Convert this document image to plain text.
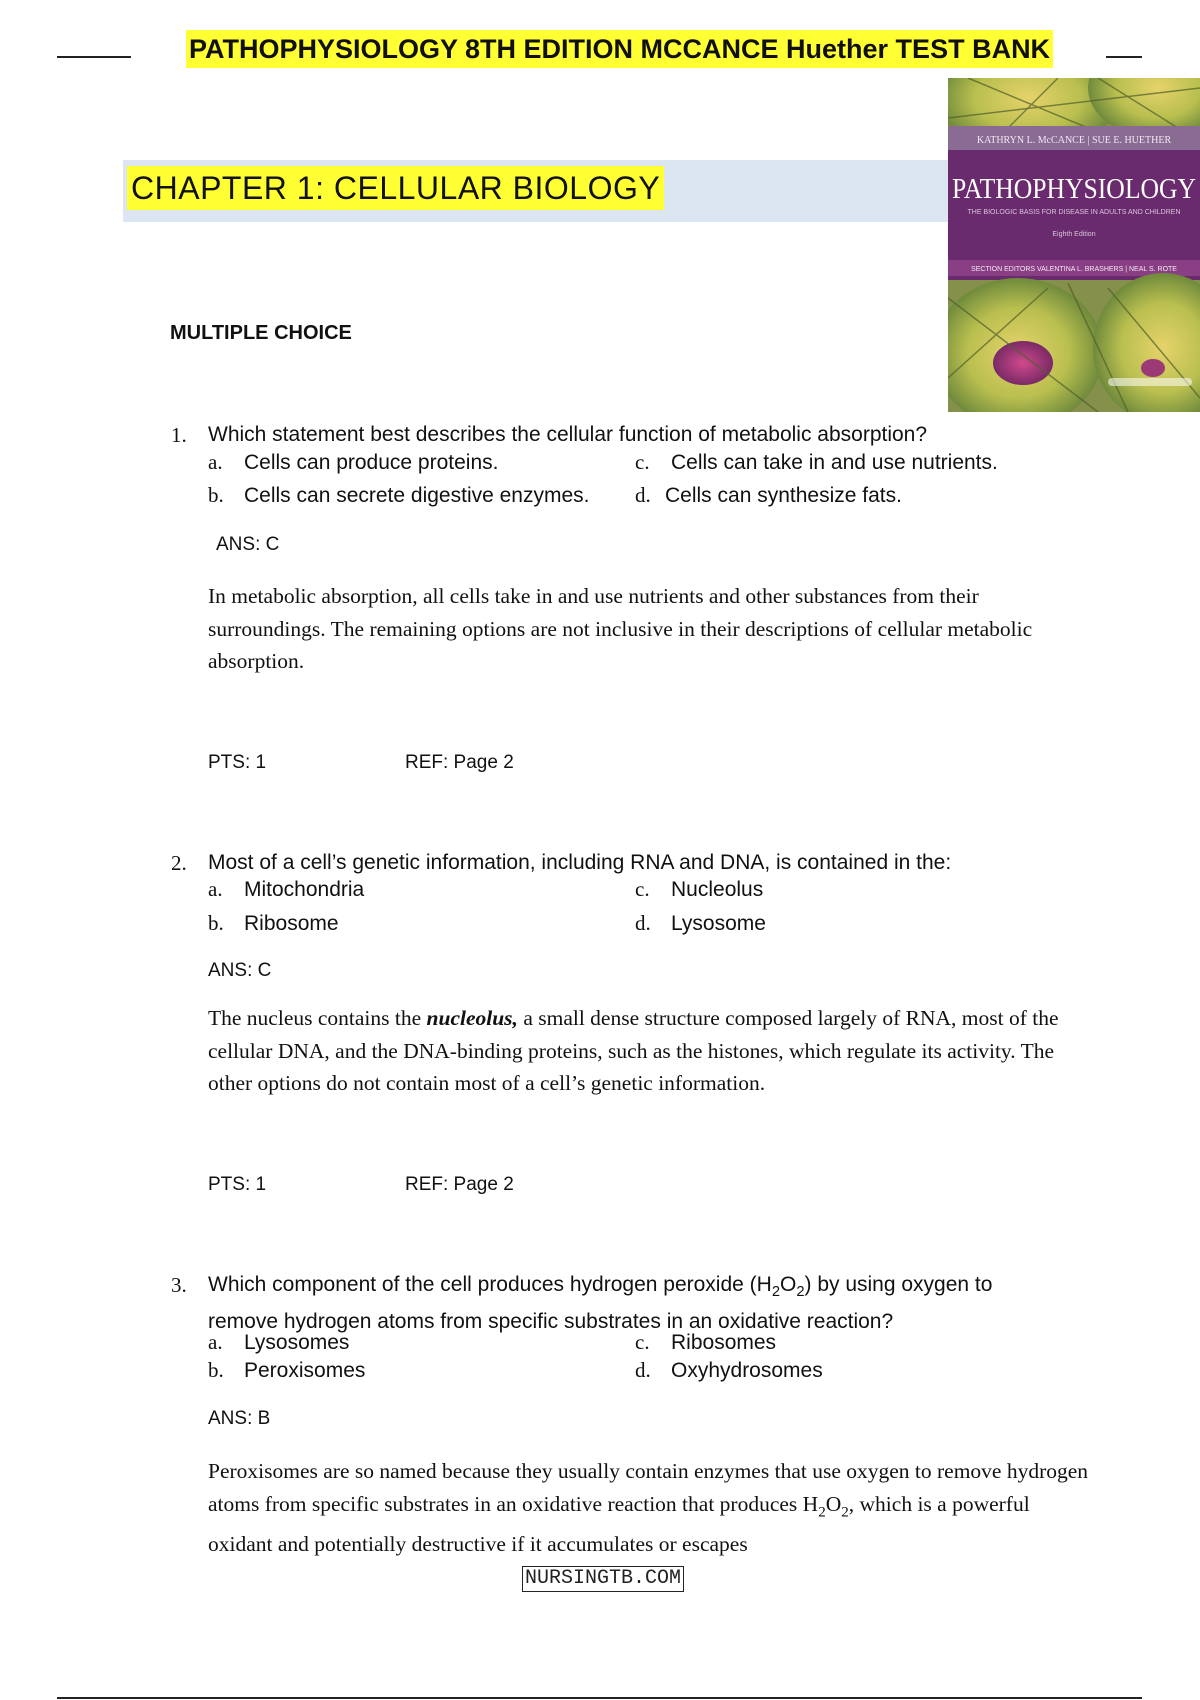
PATHOPHYSIOLOGY 8TH EDITION MCCANCE Huether TEST BANK
CHAPTER 1: CELLULAR BIOLOGY
KATHRYN L. McCANCE | SUE E. HUETHER
PATHOPHYSIOLOGY
THE BIOLOGIC BASIS FOR DISEASE IN ADULTS AND CHILDREN
Eighth Edition
SECTION EDITORS VALENTINA L. BRASHERS | NEAL S. ROTE
MULTIPLE CHOICE
1. Which statement best describes the cellular function of metabolic absorption?
a. Cells can produce proteins.
b. Cells can secrete digestive enzymes.
c. Cells can take in and use nutrients.
d. Cells can synthesize fats.
ANS: C
In metabolic absorption, all cells take in and use nutrients and other substances from their surroundings. The remaining options are not inclusive in their descriptions of cellular metabolic absorption.
PTS: 1	REF: Page 2
2. Most of a cell’s genetic information, including RNA and DNA, is contained in the:
a. Mitochondria
b. Ribosome
c. Nucleolus
d. Lysosome
ANS: C
The nucleus contains the nucleolus, a small dense structure composed largely of RNA, most of the cellular DNA, and the DNA-binding proteins, such as the histones, which regulate its activity. The other options do not contain most of a cell’s genetic information.
PTS: 1	REF: Page 2
3. Which component of the cell produces hydrogen peroxide $(H_2O_2)$ by using oxygen to remove hydrogen atoms from specific substrates in an oxidative reaction?
a. Lysosomes
b. Peroxisomes
c. Ribosomes
d. Oxyhydrosomes
ANS: B
Peroxisomes are so named because they usually contain enzymes that use oxygen to remove hydrogen atoms from specific substrates in an oxidative reaction that produces $H_2O_2$, which is a powerful oxidant and potentially destructive if it accumulates or escapes
NURSINGTB.COM
